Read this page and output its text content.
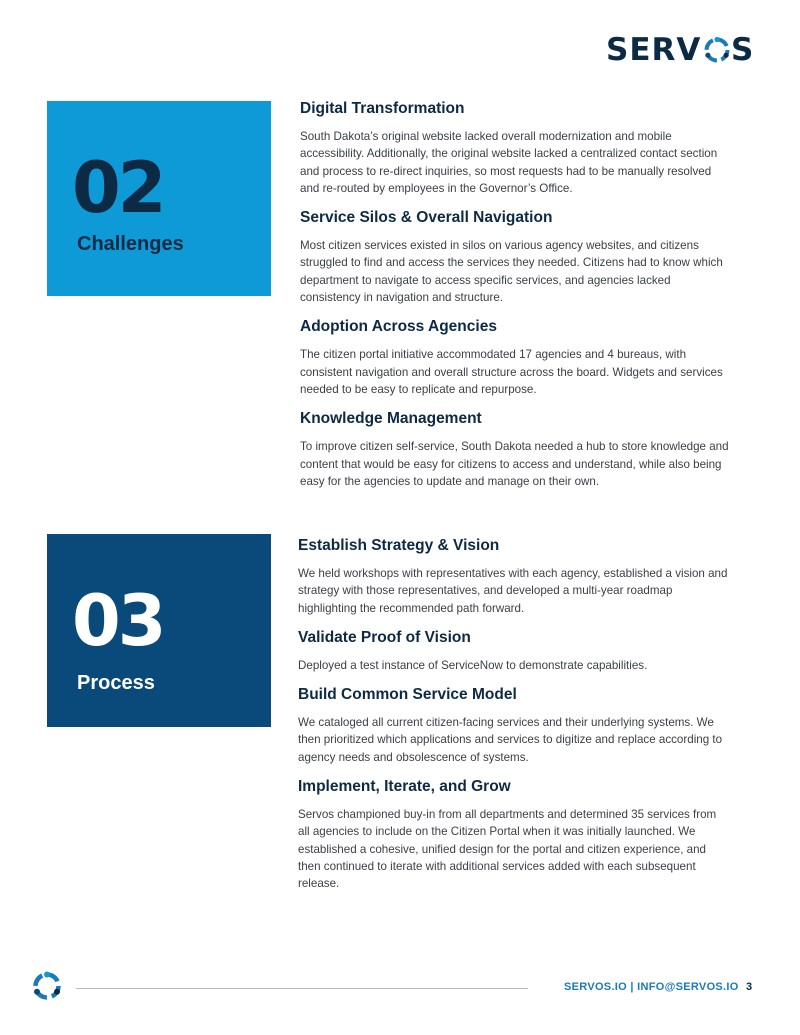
SERV S
02
Challenges
Digital Transformation

South Dakota’s original website lacked overall modernization and mobile accessibility. Additionally, the original website lacked a centralized contact section and process to re-direct inquiries, so most requests had to be manually resolved and re-routed by employees in the Governor’s Office.

Service Silos & Overall Navigation

Most citizen services existed in silos on various agency websites, and citizens struggled to find and access the services they needed. Citizens had to know which department to navigate to access specific services, and agencies lacked consistency in navigation and structure.

Adoption Across Agencies

The citizen portal initiative accommodated 17 agencies and 4 bureaus, with consistent navigation and overall structure across the board. Widgets and services needed to be easy to replicate and repurpose.

Knowledge Management

To improve citizen self-service, South Dakota needed a hub to store knowledge and content that would be easy for citizens to access and understand, while also being easy for the agencies to update and manage on their own.

03
Process
Establish Strategy & Vision

We held workshops with representatives with each agency, established a vision and strategy with those representatives, and developed a multi-year roadmap highlighting the recommended path forward.

Validate Proof of Vision

Deployed a test instance of ServiceNow to demonstrate capabilities.

Build Common Service Model

We cataloged all current citizen-facing services and their underlying systems. We then prioritized which applications and services to digitize and replace according to agency needs and obsolescence of systems.

Implement, Iterate, and Grow

Servos championed buy-in from all departments and determined 35 services from all agencies to include on the Citizen Portal when it was initially launched. We established a cohesive, unified design for the portal and citizen experience, and then continued to iterate with additional services added with each subsequent release.

SERVOS.IO | INFO@SERVOS.IO 3
